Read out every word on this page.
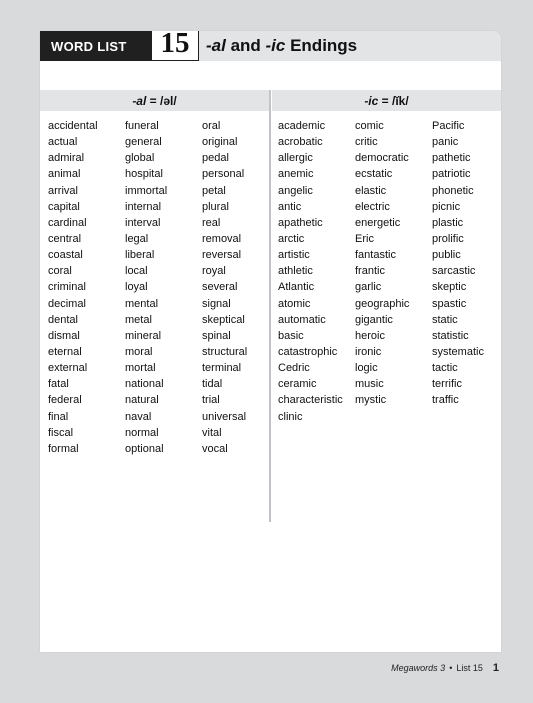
WORD LIST 15 -al and -ic Endings
-al = /əl/	-ic = /ĭk/
accidental
actual
admiral
animal
arrival
capital
cardinal
central
coastal
coral
criminal
decimal
dental
dismal
eternal
external
fatal
federal
final
fiscal
formal
funeral
general
global
hospital
immortal
internal
interval
legal
liberal
local
loyal
mental
metal
mineral
moral
mortal
national
natural
naval
normal
optional
oral
original
pedal
personal
petal
plural
real
removal
reversal
royal
several
signal
skeptical
spinal
structural
terminal
tidal
trial
universal
vital
vocal
academic
acrobatic
allergic
anemic
angelic
antic
apathetic
arctic
artistic
athletic
Atlantic
atomic
automatic
basic
catastrophic
Cedric
ceramic
characteristic
clinic
comic
critic
democratic
ecstatic
elastic
electric
energetic
Eric
fantastic
frantic
garlic
geographic
gigantic
heroic
ironic
logic
music
mystic
Pacific
panic
pathetic
patriotic
phonetic
picnic
plastic
prolific
public
sarcastic
skeptic
spastic
static
statistic
systematic
tactic
terrific
traffic
Megawords 3 • List 15 1
